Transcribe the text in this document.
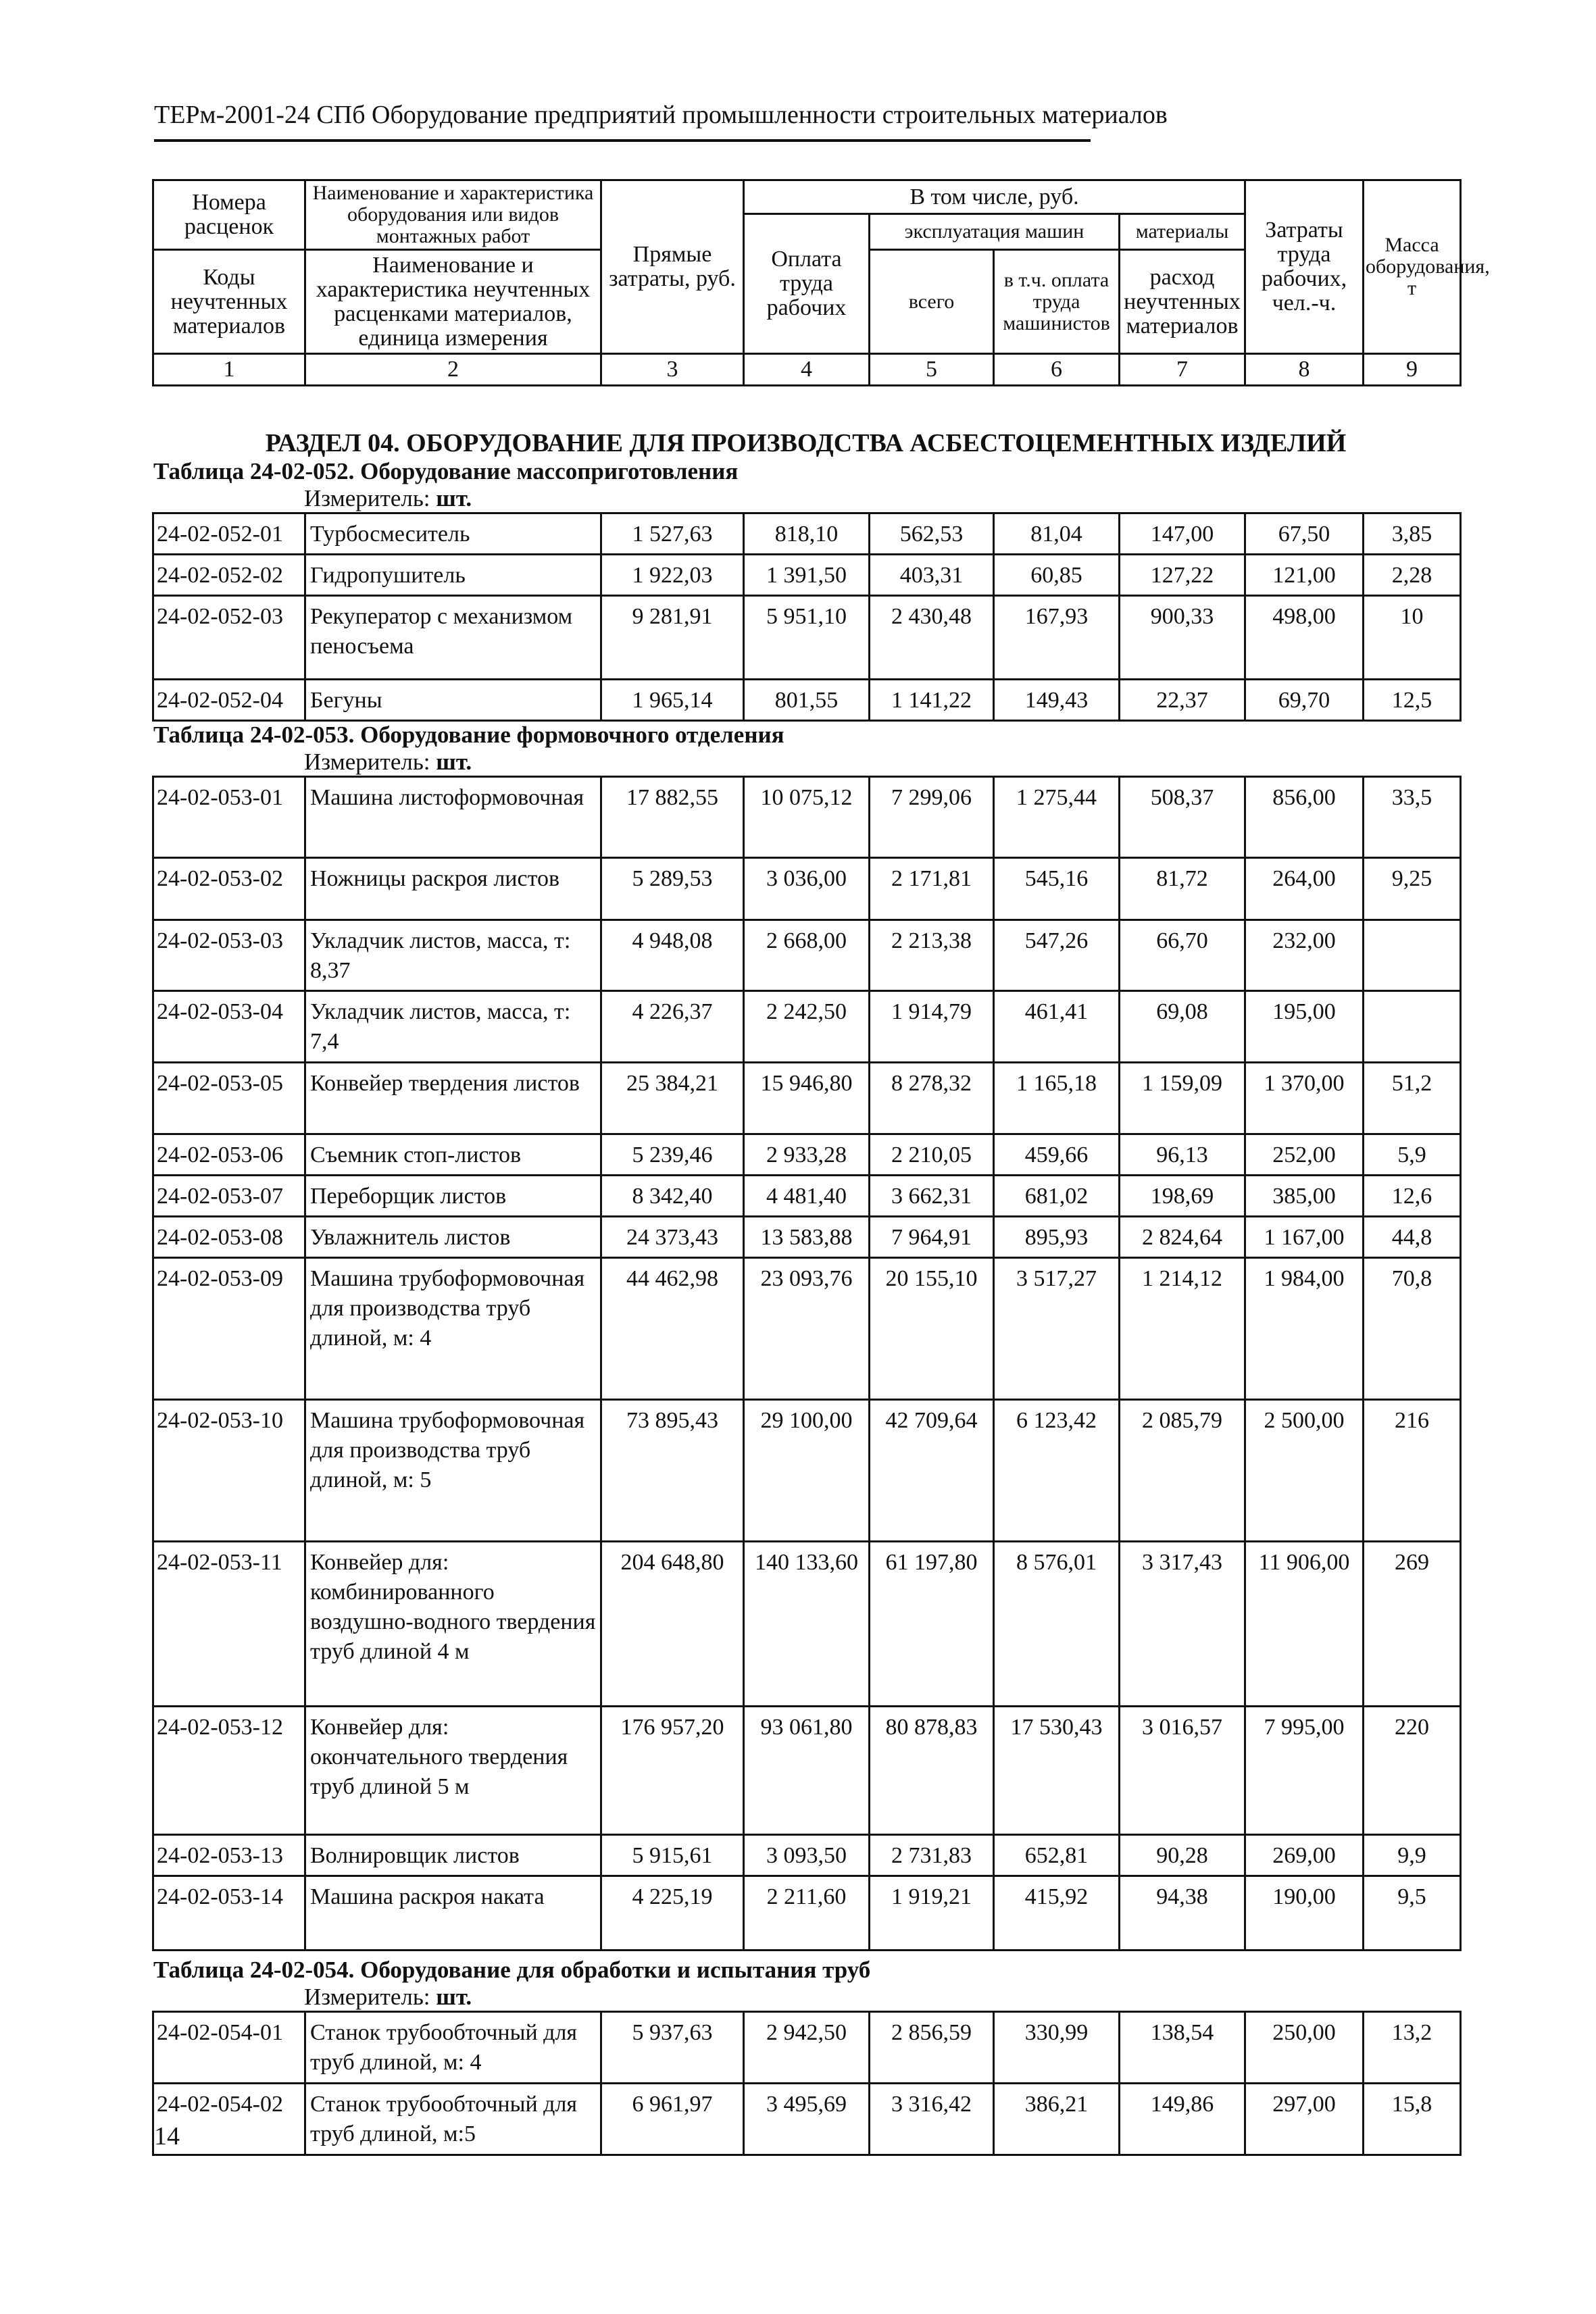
ТЕРм-2001-24 СПб Оборудование предприятий промышленности строительных материалов
Номера расценок	Наименование и характеристика оборудования или видов монтажных работ	Прямые затраты, руб.	В том числе, руб.				Затраты труда рабочих, чел.-ч.	Масса оборудования, т
			Оплата труда рабочих	эксплуатация машин		материалы		
Коды неучтенных материалов	Наименование и характеристика неучтенных расценками материалов, единица измерения			всего	в т.ч. оплата труда машинистов	расход неучтенных материалов		

1	2	3	4	5	6	7	8	9
РАЗДЕЛ 04. ОБОРУДОВАНИЕ ДЛЯ ПРОИЗВОДСТВА АСБЕСТОЦЕМЕНТНЫХ ИЗДЕЛИЙ
Таблица 24-02-052. Оборудование массоприготовления
Измеритель: шт.
24-02-052-01	Турбосмеситель	1 527,63	818,10	562,53	81,04	147,00	67,50	3,85
24-02-052-02	Гидропушитель	1 922,03	1 391,50	403,31	60,85	127,22	121,00	2,28
24-02-052-03	Рекуператор с механизмом пеносъема	9 281,91	5 951,10	2 430,48	167,93	900,33	498,00	10
24-02-052-04	Бегуны	1 965,14	801,55	1 141,22	149,43	22,37	69,70	12,5
Таблица 24-02-053. Оборудование формовочного отделения
Измеритель: шт.
24-02-053-01	Машина листоформовочная	17 882,55	10 075,12	7 299,06	1 275,44	508,37	856,00	33,5
24-02-053-02	Ножницы раскроя листов	5 289,53	3 036,00	2 171,81	545,16	81,72	264,00	9,25
24-02-053-03	Укладчик листов, масса, т: 8,37	4 948,08	2 668,00	2 213,38	547,26	66,70	232,00	
24-02-053-04	Укладчик листов, масса, т: 7,4	4 226,37	2 242,50	1 914,79	461,41	69,08	195,00	
24-02-053-05	Конвейер твердения листов	25 384,21	15 946,80	8 278,32	1 165,18	1 159,09	1 370,00	51,2
24-02-053-06	Съемник стоп-листов	5 239,46	2 933,28	2 210,05	459,66	96,13	252,00	5,9
24-02-053-07	Переборщик листов	8 342,40	4 481,40	3 662,31	681,02	198,69	385,00	12,6
24-02-053-08	Увлажнитель листов	24 373,43	13 583,88	7 964,91	895,93	2 824,64	1 167,00	44,8
24-02-053-09	Машина трубоформовочная для производства труб длиной, м: 4	44 462,98	23 093,76	20 155,10	3 517,27	1 214,12	1 984,00	70,8
24-02-053-10	Машина трубоформовочная для производства труб длиной, м: 5	73 895,43	29 100,00	42 709,64	6 123,42	2 085,79	2 500,00	216
24-02-053-11	Конвейер для: комбинированного воздушно-водного твердения труб длиной 4 м	204 648,80	140 133,60	61 197,80	8 576,01	3 317,43	11 906,00	269
24-02-053-12	Конвейер для: окончательного твердения труб длиной 5 м	176 957,20	93 061,80	80 878,83	17 530,43	3 016,57	7 995,00	220
24-02-053-13	Волнировщик листов	5 915,61	3 093,50	2 731,83	652,81	90,28	269,00	9,9
24-02-053-14	Машина раскроя наката	4 225,19	2 211,60	1 919,21	415,92	94,38	190,00	9,5
Таблица 24-02-054. Оборудование для обработки и испытания труб
Измеритель: шт.
24-02-054-01	Станок трубообточный для труб длиной, м: 4	5 937,63	2 942,50	2 856,59	330,99	138,54	250,00	13,2
24-02-054-02	Станок трубообточный для труб длиной, м:5	6 961,97	3 495,69	3 316,42	386,21	149,86	297,00	15,8
14
